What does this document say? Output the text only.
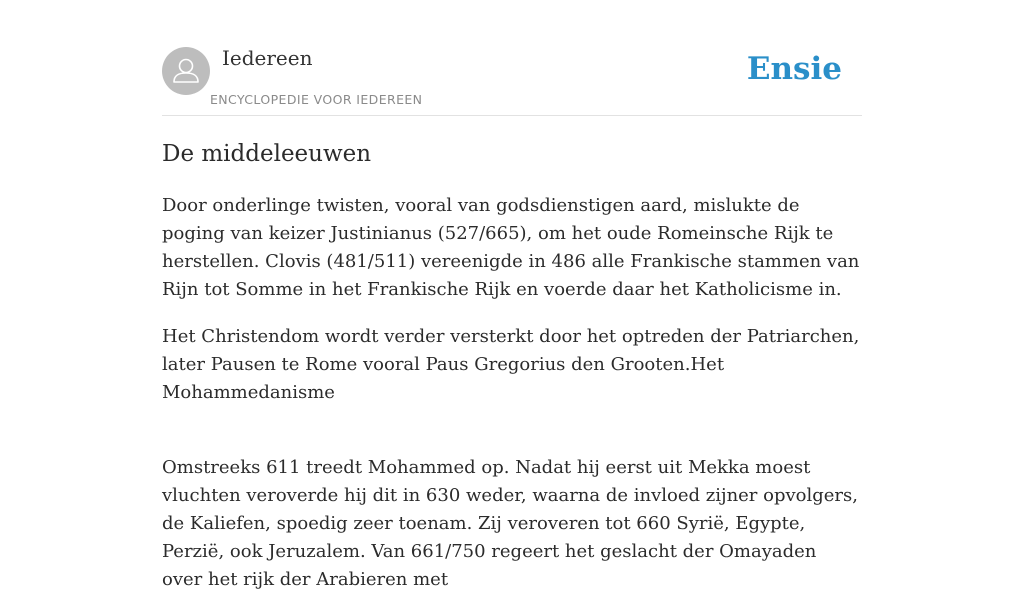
Iedereen
ENCYCLOPEDIE VOOR IEDEREEN
Ensie
De middeleeuwen

Door onderlinge twisten, vooral van godsdienstigen aard, mislukte de poging van keizer Justinianus (527/665), om het oude Romeinsche Rijk te herstellen. Clovis (481/511) vereenigde in 486 alle Frankische stammen van Rijn tot Somme in het Frankische Rijk en voerde daar het Katholicisme in.

Het Christendom wordt verder versterkt door het optreden der Patriarchen, later Pausen te Rome vooral Paus Gregorius den Grooten.Het Mohammedanisme

Omstreeks 611 treedt Mohammed op. Nadat hij eerst uit Mekka moest vluchten veroverde hij dit in 630 weder, waarna de invloed zijner opvolgers, de Kaliefen, spoedig zeer toenam. Zij veroveren tot 660 Syrië, Egypte, Perzië, ook Jeruzalem. Van 661/750 regeert het geslacht der Omayaden over het rijk der Arabieren met
